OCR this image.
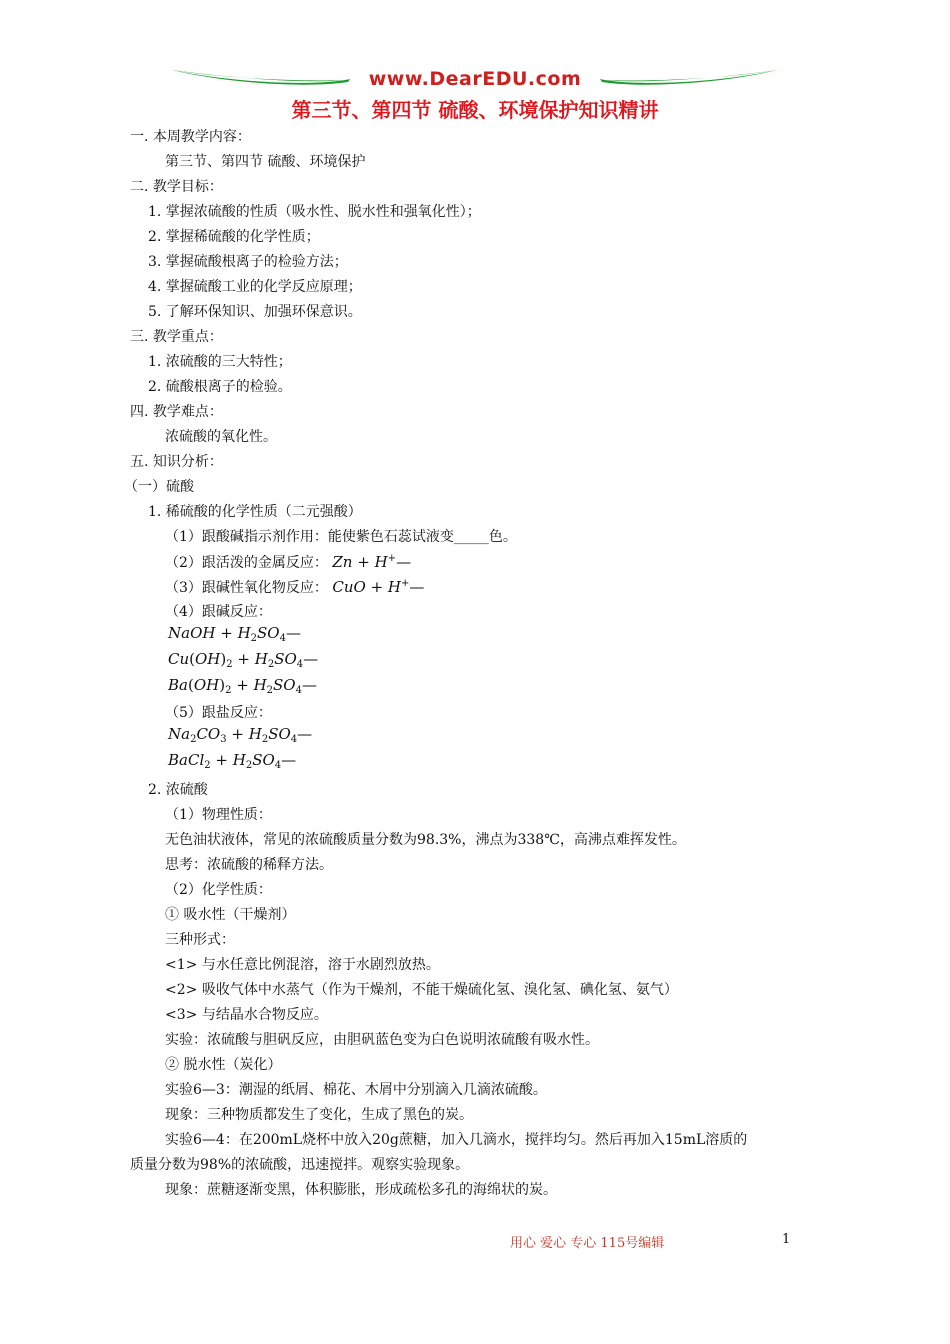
www.DearEDU.com
第三节、第四节 硫酸、环境保护知识精讲
一. 本周教学内容：
第三节、第四节 硫酸、环境保护
二. 教学目标：
1. 掌握浓硫酸的性质（吸水性、脱水性和强氧化性）；
2. 掌握稀硫酸的化学性质；
3. 掌握硫酸根离子的检验方法；
4. 掌握硫酸工业的化学反应原理；
5. 了解环保知识、加强环保意识。
三. 教学重点：
1. 浓硫酸的三大特性；
2. 硫酸根离子的检验。
四. 教学难点：
浓硫酸的氧化性。
五. 知识分析：
（一）硫酸
1. 稀硫酸的化学性质（二元强酸）
（1）跟酸碱指示剂作用：能使紫色石蕊试液变_____色。
（2）跟活泼的金属反应： Zn + H+—
（3）跟碱性氧化物反应： CuO + H+—
（4）跟碱反应：
NaOH + $H_2SO_4—$
$Cu(OH)_2$ + $H_2SO_4—$
$Ba(OH)_2$ + $H_2SO_4—$
（5）跟盐反应：
$Na_2CO_3$ + $H_2SO_4—$
BaCl$_2$ + $H_2SO_4—$
2. 浓硫酸
（1）物理性质：
无色油状液体，常见的浓硫酸质量分数为98.3%，沸点为338℃，高沸点难挥发性。
思考：浓硫酸的稀释方法。
（2）化学性质：
① 吸水性（干燥剂）
三种形式：
<1> 与水任意比例混溶，溶于水剧烈放热。
<2> 吸收气体中水蒸气（作为干燥剂，不能干燥硫化氢、溴化氢、碘化氢、氨气）
<3> 与结晶水合物反应。
实验：浓硫酸与胆矾反应，由胆矾蓝色变为白色说明浓硫酸有吸水性。
② 脱水性（炭化）
实验6—3：潮湿的纸屑、棉花、木屑中分别滴入几滴浓硫酸。
现象：三种物质都发生了变化，生成了黑色的炭。
实验6—4：在200mL烧杯中放入20g蔗糖，加入几滴水，搅拌均匀。然后再加入15mL溶质的
质量分数为98%的浓硫酸，迅速搅拌。观察实验现象。
现象：蔗糖逐渐变黑，体积膨胀，形成疏松多孔的海绵状的炭。
用心 爱心 专心 115号编辑	1
